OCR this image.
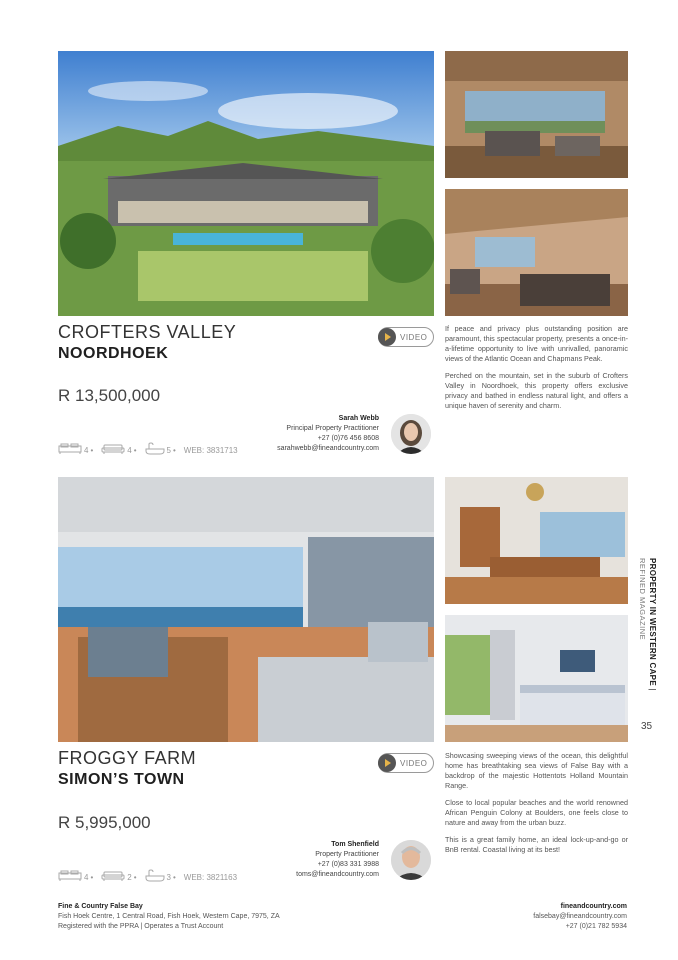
CROFTERS VALLEY
NOORDHOEK
VIDEO
R 13,500,000
4 •	4 •	5 • WEB: 3831713
Sarah Webb
Principal Property Practitioner
+27 (0)76 456 8608
sarahwebb@fineandcountry.com

If peace and privacy plus outstanding position are paramount, this spectacular property, presents a once-in-a-lifetime opportunity to live with unrivalled, panoramic views of the Atlantic Ocean and Chapmans Peak.

Perched on the mountain, set in the suburb of Crofters Valley in Noordhoek, this property offers exclusive privacy and bathed in endless natural light, and offers a unique haven of serenity and charm.

FROGGY FARM
SIMON’S TOWN
VIDEO
R 5,995,000
4 •	2 •	3 • WEB: 3821163
Tom Shenfield
Property Practitioner
+27 (0)83 331 3988
toms@fineandcountry.com

Showcasing sweeping views of the ocean, this delightful home has breathtaking sea views of False Bay with a backdrop of the majestic Hottentots Holland Mountain Range.

Close to local popular beaches and the world renowned African Penguin Colony at Boulders, one feels close to nature and away from the urban buzz.

This is a great family home, an ideal lock-up-and-go or BnB rental. Coastal living at its best!

PROPERTY IN WESTERN CAPE |
REFINED MAGAZINE
35
Fine & Country False Bay
Fish Hoek Centre, 1 Central Road, Fish Hoek, Western Cape, 7975, ZA
Registered with the PPRA | Operates a Trust Account
fineandcountry.com
falsebay@fineandcountry.com
+27 (0)21 782 5934
